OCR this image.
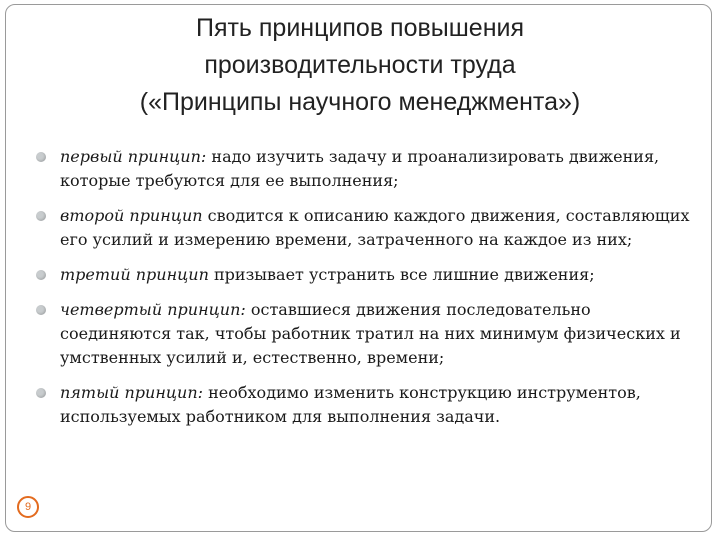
Пять принципов повышения
производительности труда
(«Принципы научного менеджмента»)
первый принцип: надо изучить задачу и проанализировать движения, которые требуются для ее выполнения;
второй принцип сводится к описанию каждого движения, составляющих его усилий и измерению времени, затраченного на каждое из них;
третий принцип призывает устранить все лишние движения;
четвертый принцип: оставшиеся движения последовательно соединяются так, чтобы работник тратил на них минимум физических и умственных усилий и, естественно, времени;
пятый принцип: необходимо изменить конструкцию инструментов, используемых работником для выполнения задачи.
9
